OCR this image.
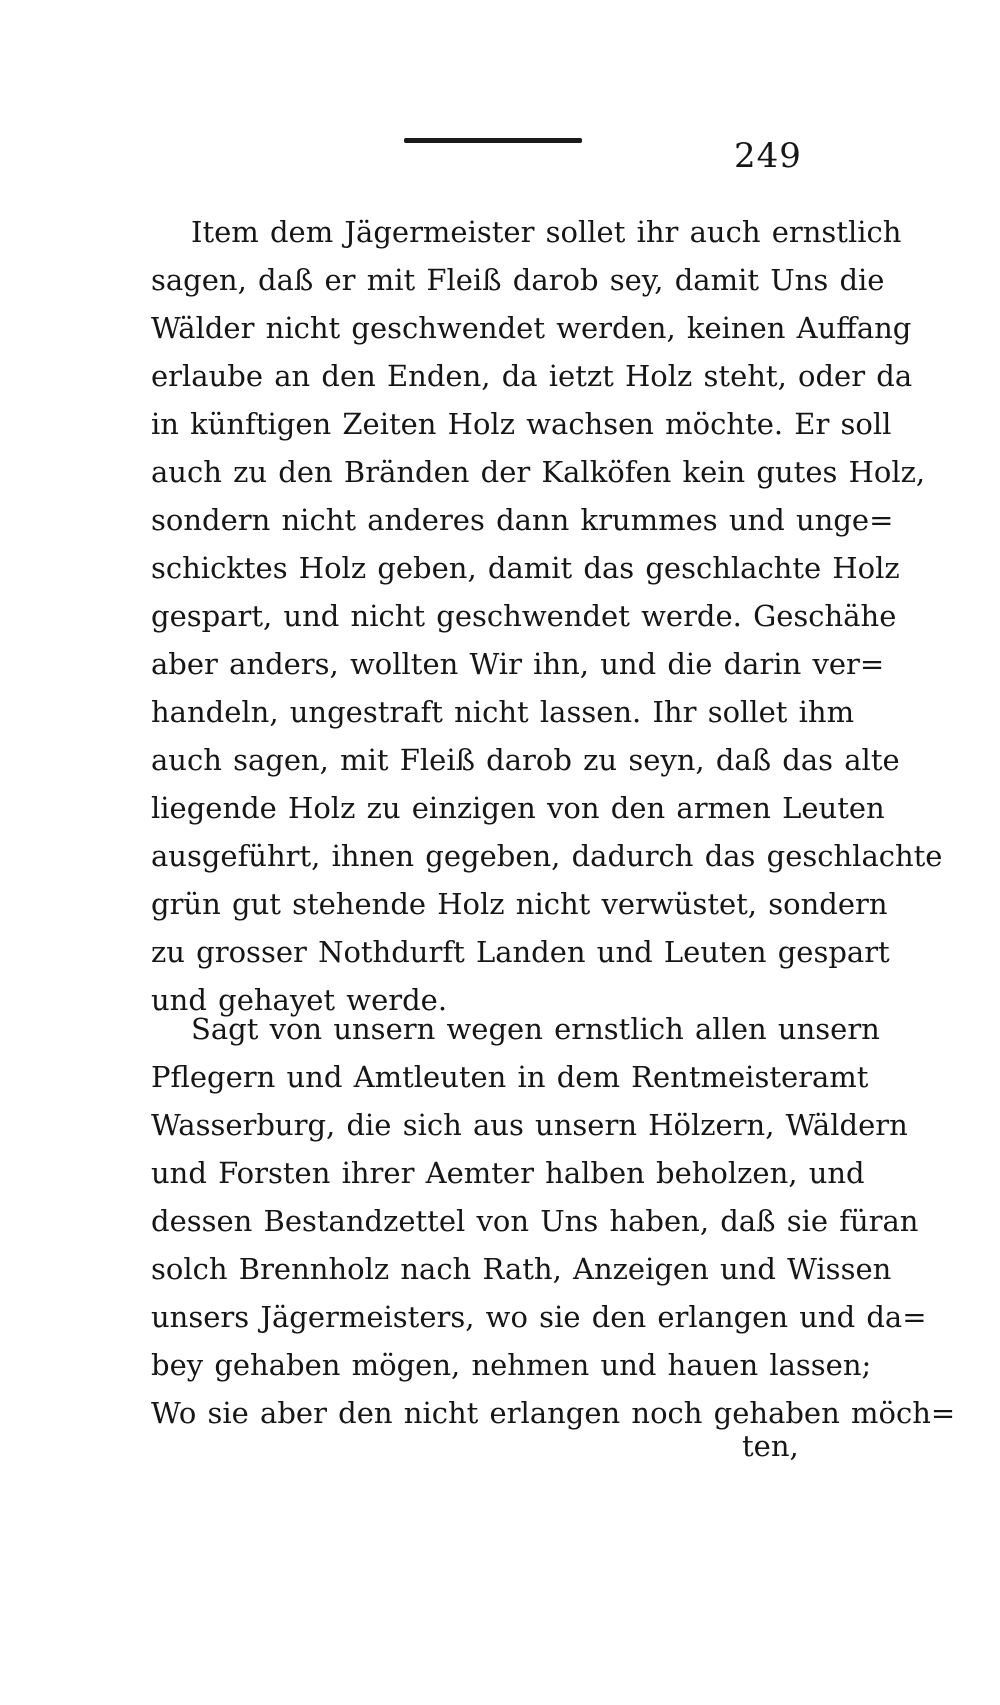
249
Item dem Jägermeister sollet ihr auch ernstlich
sagen, daß er mit Fleiß darob sey, damit Uns die
Wälder nicht geschwendet werden, keinen Auffang
erlaube an den Enden, da ietzt Holz steht, oder da
in künftigen Zeiten Holz wachsen möchte. Er soll
auch zu den Bränden der Kalköfen kein gutes Holz,
sondern nicht anderes dann krummes und unge=
schicktes Holz geben, damit das geschlachte Holz
gespart, und nicht geschwendet werde. Geschähe
aber anders, wollten Wir ihn, und die darin ver=
handeln, ungestraft nicht lassen. Ihr sollet ihm
auch sagen, mit Fleiß darob zu seyn, daß das alte
liegende Holz zu einzigen von den armen Leuten
ausgeführt, ihnen gegeben, dadurch das geschlachte
grün gut stehende Holz nicht verwüstet, sondern
zu grosser Nothdurft Landen und Leuten gespart
und gehayet werde.
Sagt von unsern wegen ernstlich allen unsern
Pflegern und Amtleuten in dem Rentmeisteramt
Wasserburg, die sich aus unsern Hölzern, Wäldern
und Forsten ihrer Aemter halben beholzen, und
dessen Bestandzettel von Uns haben, daß sie füran
solch Brennholz nach Rath, Anzeigen und Wissen
unsers Jägermeisters, wo sie den erlangen und da=
bey gehaben mögen, nehmen und hauen lassen;
Wo sie aber den nicht erlangen noch gehaben möch=
ten,
